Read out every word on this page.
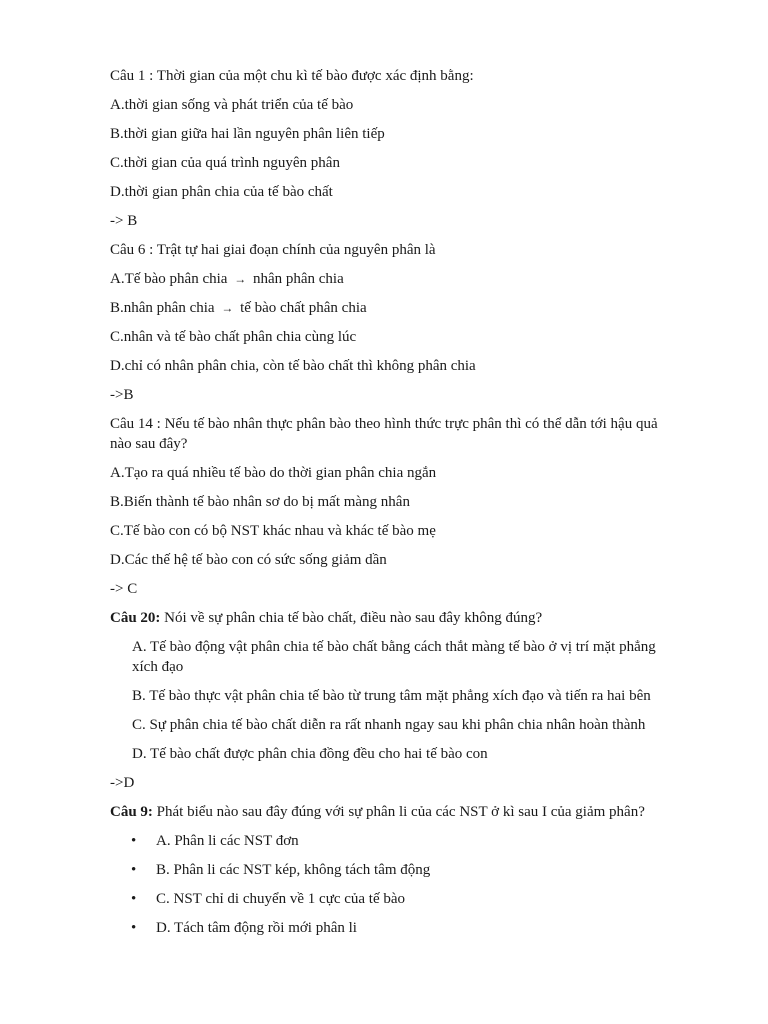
Câu 1 : Thời gian của một chu kì tế bào được xác định bằng:
A.thời gian sống và phát triển của tế bào
B.thời gian giữa hai lần nguyên phân liên tiếp
C.thời gian của quá trình nguyên phân
D.thời gian phân chia của tế bào chất
-> B
Câu 6 : Trật tự hai giai đoạn chính của nguyên phân là
A.Tế bào phân chia → nhân phân chia
B.nhân phân chia → tế bào chất phân chia
C.nhân và tế bào chất phân chia cùng lúc
D.chỉ có nhân phân chia, còn tế bào chất thì không phân chia
->B
Câu 14 : Nếu tế bào nhân thực phân bào theo hình thức trực phân thì có thể dẫn tới hậu quả nào sau đây?
A.Tạo ra quá nhiều tế bào do thời gian phân chia ngắn
B.Biến thành tế bào nhân sơ do bị mất màng nhân
C.Tế bào con có bộ NST khác nhau và khác tế bào mẹ
D.Các thế hệ tế bào con có sức sống giảm dần
-> C
Câu 20: Nói về sự phân chia tế bào chất, điều nào sau đây không đúng?
A. Tế bào động vật phân chia tế bào chất bằng cách thắt màng tế bào ở vị trí mặt phẳng xích đạo
B. Tế bào thực vật phân chia tế bào từ trung tâm mặt phẳng xích đạo và tiến ra hai bên
C. Sự phân chia tế bào chất diễn ra rất nhanh ngay sau khi phân chia nhân hoàn thành
D. Tế bào chất được phân chia đồng đều cho hai tế bào con
->D
Câu 9: Phát biểu nào sau đây đúng với sự phân li của các NST ở kì sau I của giảm phân?
• A. Phân li các NST đơn
• B. Phân li các NST kép, không tách tâm động
• C. NST chỉ di chuyển về 1 cực của tế bào
• D. Tách tâm động rồi mới phân li
